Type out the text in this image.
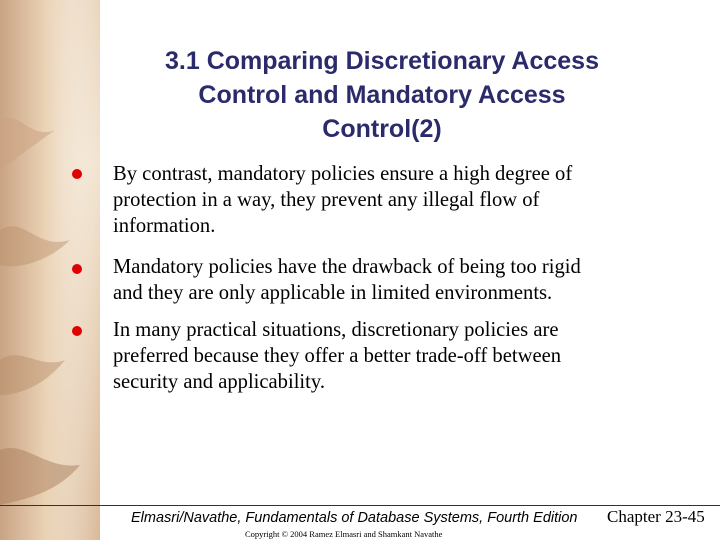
3.1 Comparing Discretionary Access
Control and Mandatory Access
Control(2)
By contrast, mandatory policies ensure a high degree of
protection in a way, they prevent any illegal flow of
information.
Mandatory policies have the drawback of being too rigid
and they are only applicable in limited environments.
In many practical situations, discretionary policies are
preferred because they offer a better trade-off between
security and applicability.
Elmasri/Navathe, Fundamentals of Database Systems, Fourth Edition
Copyright © 2004 Ramez Elmasri and Shamkant Navathe
Chapter 23-45
